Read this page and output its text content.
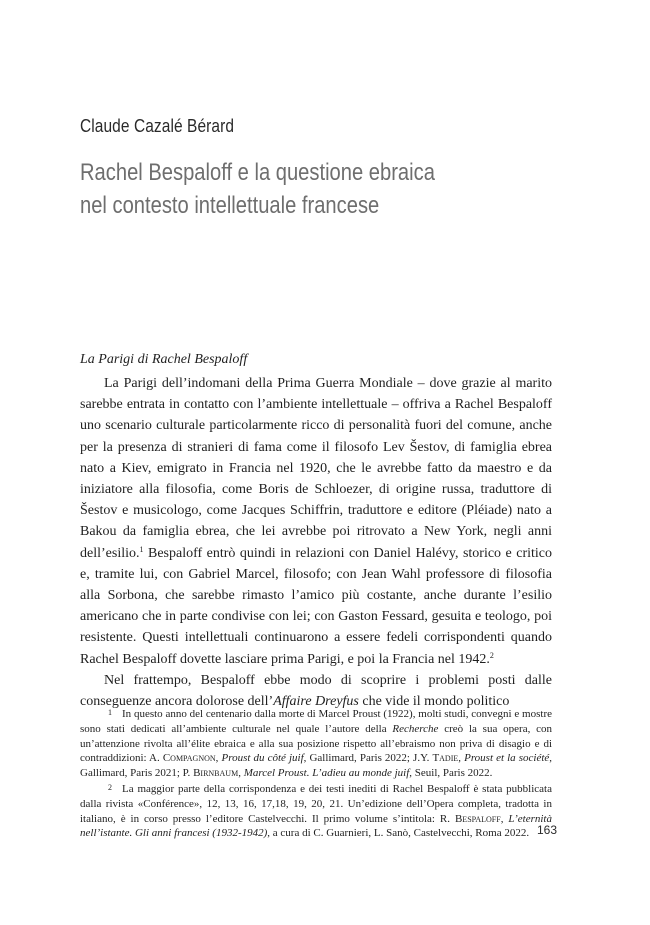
Claude Cazalé Bérard
Rachel Bespaloff e la questione ebraica
nel contesto intellettuale francese
La Parigi di Rachel Bespaloff

La Parigi dell’indomani della Prima Guerra Mondiale – dove grazie al marito sarebbe entrata in contatto con l’ambiente intellettuale – offriva a Rachel Bespaloff uno scenario culturale particolarmente ricco di personalità fuori del comune, anche per la presenza di stranieri di fama come il filosofo Lev Šestov, di famiglia ebrea nato a Kiev, emigrato in Francia nel 1920, che le avrebbe fatto da maestro e da iniziatore alla filosofia, come Boris de Schloezer, di origine russa, traduttore di Šestov e musicologo, come Jacques Schiffrin, traduttore e editore (Pléiade) nato a Bakou da famiglia ebrea, che lei avrebbe poi ritrovato a New York, negli anni dell’esilio.$^1$ Bespaloff entrò quindi in relazioni con Daniel Halévy, storico e critico e, tramite lui, con Gabriel Marcel, filosofo; con Jean Wahl professore di filosofia alla Sorbona, che sarebbe rimasto l’amico più costante, anche durante l’esilio americano che in parte condivise con lei; con Gaston Fessard, gesuita e teologo, poi resistente. Questi intellettuali continuarono a essere fedeli corrispondenti quando Rachel Bespaloff dovette lasciare prima Parigi, e poi la Francia nel 1942.$^2$

Nel frattempo, Bespaloff ebbe modo di scoprire i problemi posti dalle conseguenze ancora dolorose dell’Affaire Dreyfus che vide il mondo politico

1 In questo anno del centenario dalla morte di Marcel Proust (1922), molti studi, convegni e mostre sono stati dedicati all’ambiente culturale nel quale l’autore della Recherche creò la sua opera, con un’attenzione rivolta all’élite ebraica e alla sua posizione rispetto all’ebraismo non priva di disagio e di contraddizioni: A. Compagnon, Proust du côté juif, Gallimard, Paris 2022; J.Y. Tadie, Proust et la société, Gallimard, Paris 2021; P. Birnbaum, Marcel Proust. L’adieu au monde juif, Seuil, Paris 2022.

2 La maggior parte della corrispondenza e dei testi inediti di Rachel Bespaloff è stata pubblicata dalla rivista «Conférence», 12, 13, 16, 17,18, 19, 20, 21. Un’edizione dell’Opera completa, tradotta in italiano, è in corso presso l’editore Castelvecchi. Il primo volume s’intitola: R. Bespaloff, L’eternità nell’istante. Gli anni francesi (1932-1942), a cura di C. Guarnieri, L. Sanò, Castelvecchi, Roma 2022. 163
